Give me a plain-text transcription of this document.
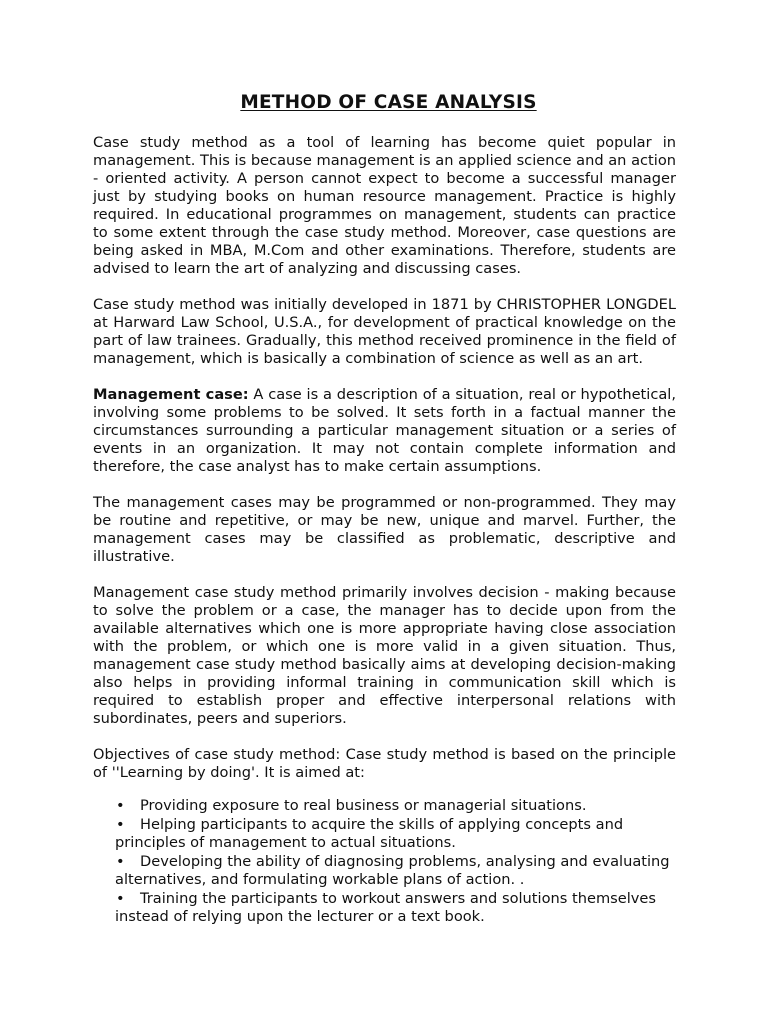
METHOD OF CASE ANALYSIS

Case study method as a tool of learning has become quiet popular in management. This is because management is an applied science and an action - oriented activity. A person cannot expect to become a successful manager just by studying books on human resource management. Practice is highly required. In educational programmes on management, students can practice to some extent through the case study method. Moreover, case questions are being asked in MBA, M.Com and other examinations. Therefore, students are advised to learn the art of analyzing and discussing cases.

Case study method was initially developed in 1871 by CHRISTOPHER LONGDEL at Harward Law School, U.S.A., for development of practical knowledge on the part of law trainees. Gradually, this method received prominence in the field of management, which is basically a combination of science as well as an art.

Management case: A case is a description of a situation, real or hypothetical, involving some problems to be solved. It sets forth in a factual manner the circumstances surrounding a particular management situation or a series of events in an organization. It may not contain complete information and therefore, the case analyst has to make certain assumptions.

The management cases may be programmed or non-programmed. They may be routine and repetitive, or may be new, unique and marvel. Further, the management cases may be classified as problematic, descriptive and illustrative.

Management case study method primarily involves decision - making because to solve the problem or a case, the manager has to decide upon from the available alternatives which one is more appropriate having close association with the problem, or which one is more valid in a given situation. Thus, management case study method basically aims at developing decision-making also helps in providing informal training in communication skill which is required to establish proper and effective interpersonal relations with subordinates, peers and superiors.

Objectives of case study method: Case study method is based on the principle of ''Learning by doing'. It is aimed at:

• Providing exposure to real business or managerial situations.
• Helping participants to acquire the skills of applying concepts and principles of management to actual situations.
• Developing the ability of diagnosing problems, analysing and evaluating alternatives, and formulating workable plans of action. .
• Training the participants to workout answers and solutions themselves instead of relying upon the lecturer or a text book.
